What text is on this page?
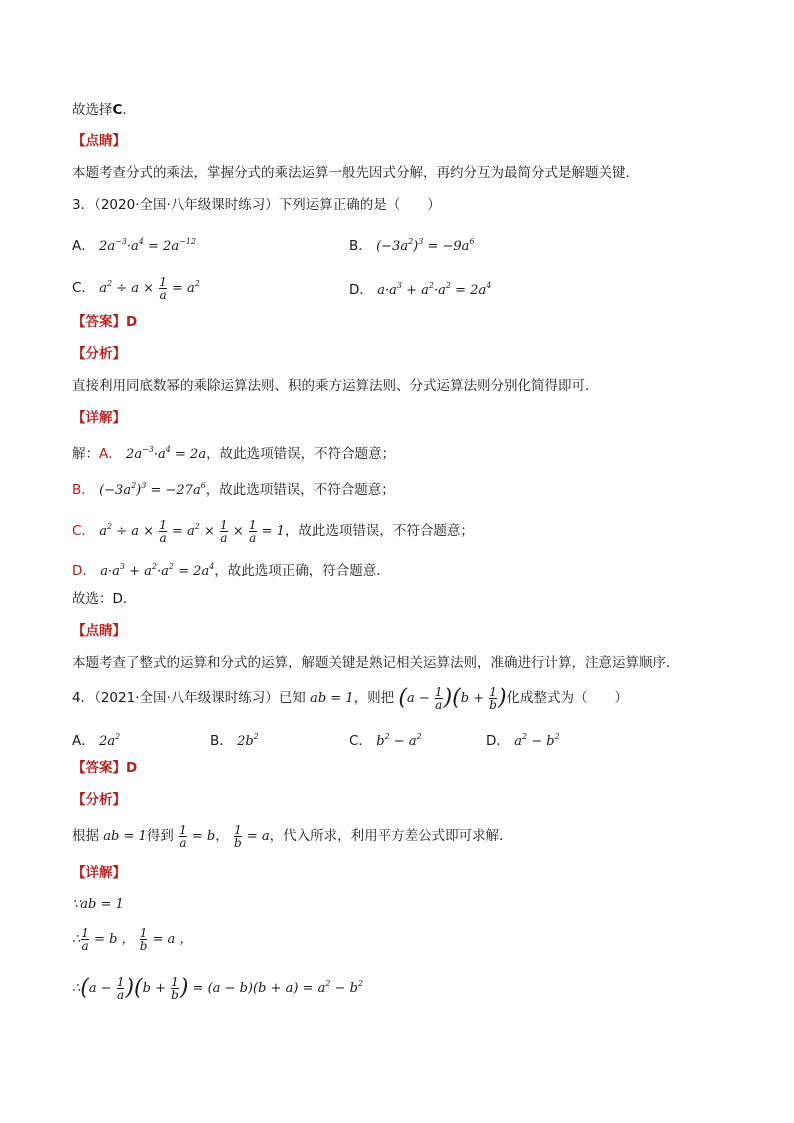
故选择C．
【点睛】
本题考查分式的乘法，掌握分式的乘法运算一般先因式分解，再约分互为最简分式是解题关键．
3．（2020·全国·八年级课时练习）下列运算正确的是（　　）
A． $2a^{-3}\cdot a^4 = 2a^{-12}$	B． $(-3a^2)^3 = -9a^6$
C． $a^2 \div a \times \frac{1}{a} = a^2$	D． $a\cdot a^3 + a^2\cdot a^2 = 2a^4$
【答案】D
【分析】
直接利用同底数幂的乘除运算法则、积的乘方运算法则、分式运算法则分别化简得即可．
【详解】
解：A． $2a^{-3}\cdot a^4 = 2a$，故此选项错误，不符合题意；
B． $(-3a^2)^3 = -27a^6$，故此选项错误，不符合题意；
C． $a^2 \div a \times \frac{1}{a} = a^2 \times \frac{1}{a} \times \frac{1}{a} = 1$，故此选项错误，不符合题意；
D． $a\cdot a^3 + a^2\cdot a^2 = 2a^4$，故此选项正确，符合题意．
故选：D．
【点睛】
本题考查了整式的运算和分式的运算，解题关键是熟记相关运算法则，准确进行计算，注意运算顺序．
4．（2021·全国·八年级课时练习）已知 ab = 1，则把 $(a - \frac{1}{a} )(b + \frac{1}{b}$ )化成整式为（　　）
A． $2a^2$	B． $2b^2$	C． $b^2 - a^2$	D． $a^2 - b^2$
【答案】D
【分析】
根据 ab = 1得到 $\frac{1}{a} = b$， $\frac{1}{b} = a$，代入所求，利用平方差公式即可求解．
【详解】
∵ab = 1
∴ $\frac{1}{a} = b$ ， $\frac{1}{b} = a$ ，
∴(a − $\frac{1}{a} )(b + \frac{1}{b}$ ) = $(a - b)(b + a) = a^2 - b^2$
